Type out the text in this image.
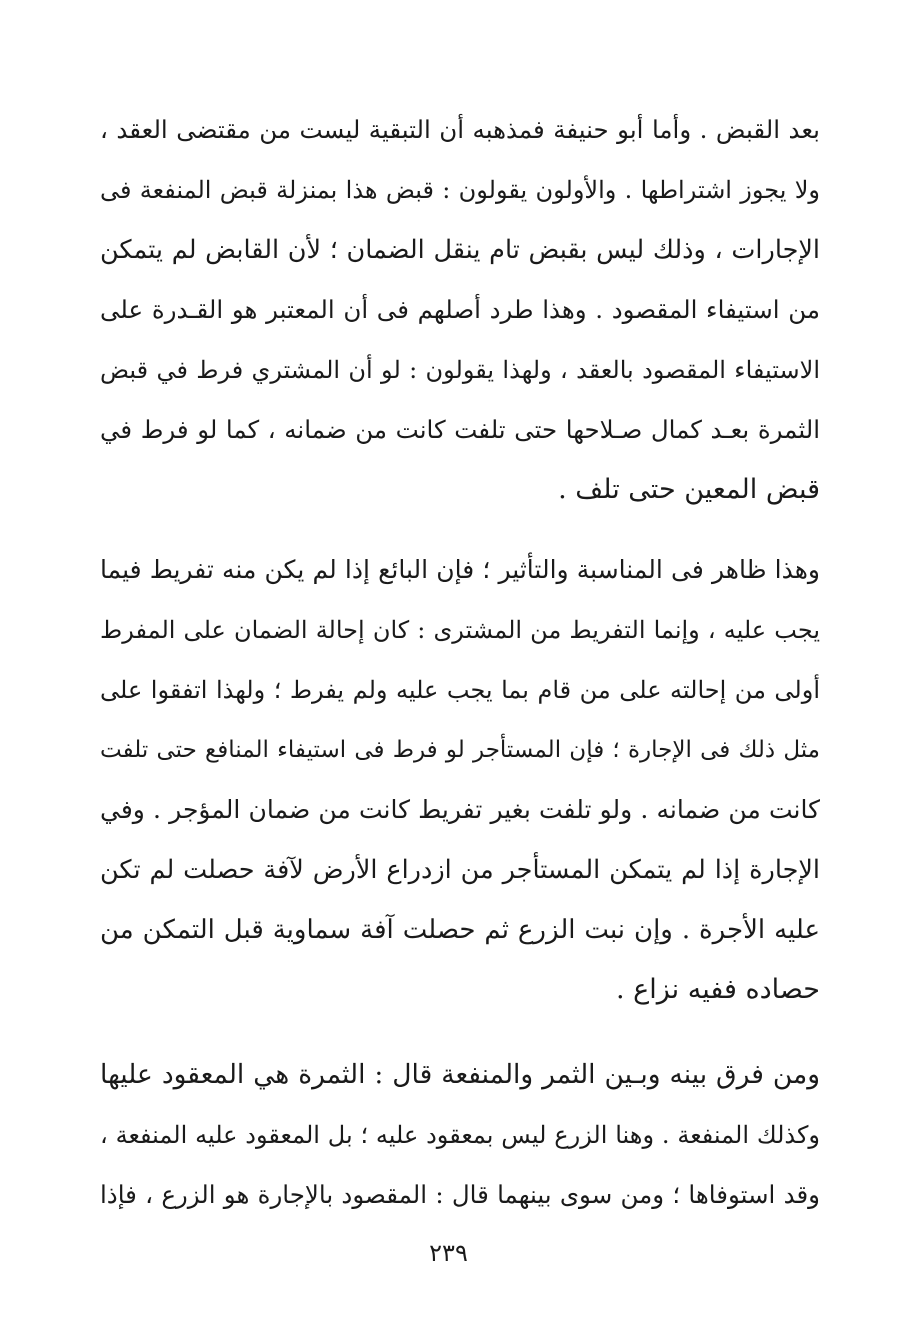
بعد القبض . وأما أبو حنيفة فمذهبه أن التبقية ليست من مقتضى العقد ،
ولا يجوز اشتراطها . والأولون يقولون : قبض هذا بمنزلة قبض المنفعة فى
الإجارات ، وذلك ليس بقبض تام ينقل الضمان ؛ لأن القابض لم يتمكن
من استيفاء المقصود . وهذا طرد أصلهم فى أن المعتبر هو القـدرة على
الاستيفاء المقصود بالعقد ، ولهذا يقولون : لو أن المشتري فرط في قبض
الثمرة بعـد كمال صـلاحها حتى تلفت كانت من ضمانه ، كما لو فرط في
قبض المعين حتى تلف .
وهذا ظاهر فى المناسبة والتأثير ؛ فإن البائع إذا لم يكن منه تفريط فيما
يجب عليه ، وإنما التفريط من المشترى : كان إحالة الضمان على المفرط
أولى من إحالته على من قام بما يجب عليه ولم يفرط ؛ ولهذا اتفقوا على
مثل ذلك فى الإجارة ؛ فإن المستأجر لو فرط فى استيفاء المنافع حتى تلفت
كانت من ضمانه . ولو تلفت بغير تفريط كانت من ضمان المؤجر . وفي
الإجارة إذا لم يتمكن المستأجر من ازدراع الأرض لآفة حصلت لم تكن
عليه الأجرة . وإن نبت الزرع ثم حصلت آفة سماوية قبل التمكن من
حصاده ففيه نزاع .
ومن فرق بينه وبـين الثمر والمنفعة قال : الثمرة هي المعقود عليها
وكذلك المنفعة . وهنا الزرع ليس بمعقود عليه ؛ بل المعقود عليه المنفعة ،
وقد استوفاها ؛ ومن سوى بينهما قال : المقصود بالإجارة هو الزرع ، فإذا
٢٣٩
